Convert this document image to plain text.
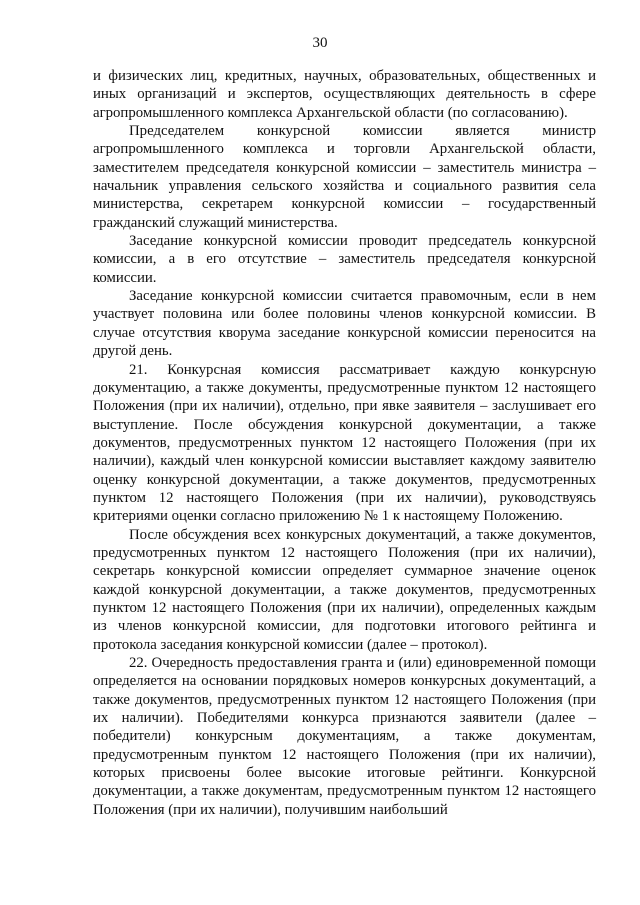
30

и физических лиц, кредитных, научных, образовательных, общественных и иных организаций и экспертов, осуществляющих деятельность в сфере агропромышленного комплекса Архангельской области (по согласованию).

Председателем конкурсной комиссии является министр агропромышленного комплекса и торговли Архангельской области, заместителем председателя конкурсной комиссии – заместитель министра – начальник управления сельского хозяйства и социального развития села министерства, секретарем конкурсной комиссии – государственный гражданский служащий министерства.

Заседание конкурсной комиссии проводит председатель конкурсной комиссии, а в его отсутствие – заместитель председателя конкурсной комиссии.

Заседание конкурсной комиссии считается правомочным, если в нем участвует половина или более половины членов конкурсной комиссии. В случае отсутствия кворума заседание конкурсной комиссии переносится на другой день.

21. Конкурсная комиссия рассматривает каждую конкурсную документацию, а также документы, предусмотренные пунктом 12 настоящего Положения (при их наличии), отдельно, при явке заявителя – заслушивает его выступление. После обсуждения конкурсной документации, а также документов, предусмотренных пунктом 12 настоящего Положения (при их наличии), каждый член конкурсной комиссии выставляет каждому заявителю оценку конкурсной документации, а также документов, предусмотренных пунктом 12 настоящего Положения (при их наличии), руководствуясь критериями оценки согласно приложению № 1 к настоящему Положению.

После обсуждения всех конкурсных документаций, а также документов, предусмотренных пунктом 12 настоящего Положения (при их наличии), секретарь конкурсной комиссии определяет суммарное значение оценок каждой конкурсной документации, а также документов, предусмотренных пунктом 12 настоящего Положения (при их наличии), определенных каждым из членов конкурсной комиссии, для подготовки итогового рейтинга и протокола заседания конкурсной комиссии (далее – протокол).

22. Очередность предоставления гранта и (или) единовременной помощи определяется на основании порядковых номеров конкурсных документаций, а также документов, предусмотренных пунктом 12 настоящего Положения (при их наличии). Победителями конкурса признаются заявители (далее – победители) конкурсным документациям, а также документам, предусмотренным пунктом 12 настоящего Положения (при их наличии), которых присвоены более высокие итоговые рейтинги. Конкурсной документации, а также документам, предусмотренным пунктом 12 настоящего Положения (при их наличии), получившим наибольший
